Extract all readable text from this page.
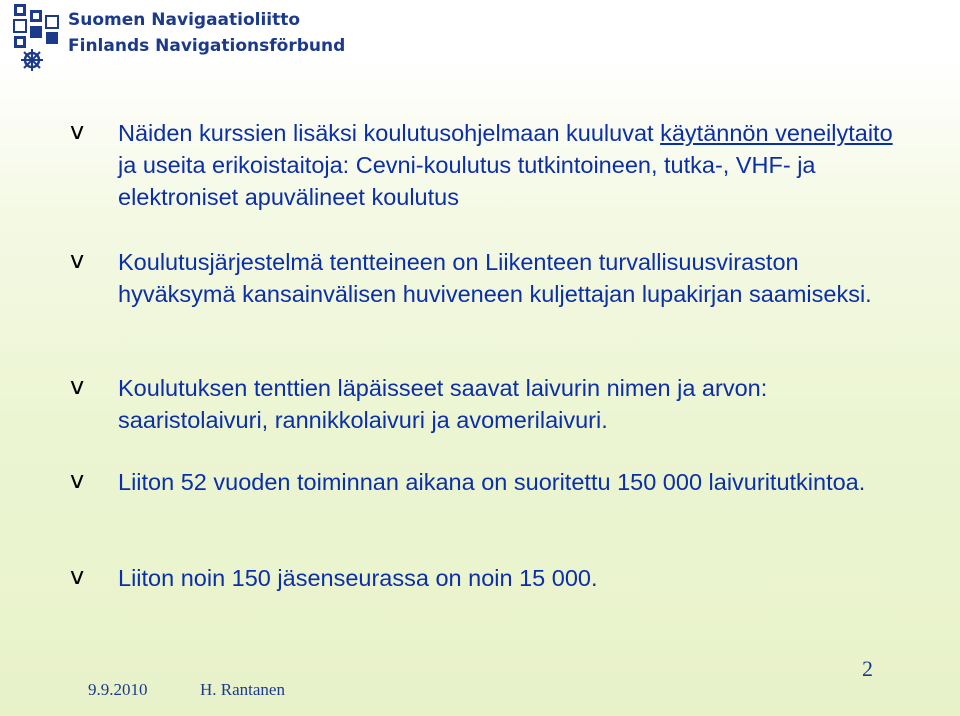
Suomen Navigaatioliitto
Finlands Navigationsförbund
v Näiden kurssien lisäksi koulutusohjelmaan kuuluvat käytännön veneilytaito ja useita erikoistaitoja: Cevni-koulutus tutkintoineen, tutka-, VHF- ja elektroniset apuvälineet koulutus
v Koulutusjärjestelmä tentteineen on Liikenteen turvallisuusviraston hyväksymä kansainvälisen huviveneen kuljettajan lupakirjan saamiseksi.
v Koulutuksen tenttien läpäisseet saavat laivurin nimen ja arvon: saaristolaivuri, rannikkolaivuri ja avomerilaivuri.
v Liiton 52 vuoden toiminnan aikana on suoritettu 150 000 laivuritutkintoa.
v Liiton noin 150 jäsenseurassa on noin 15 000.
9.9.2010	H. Rantanen
2
